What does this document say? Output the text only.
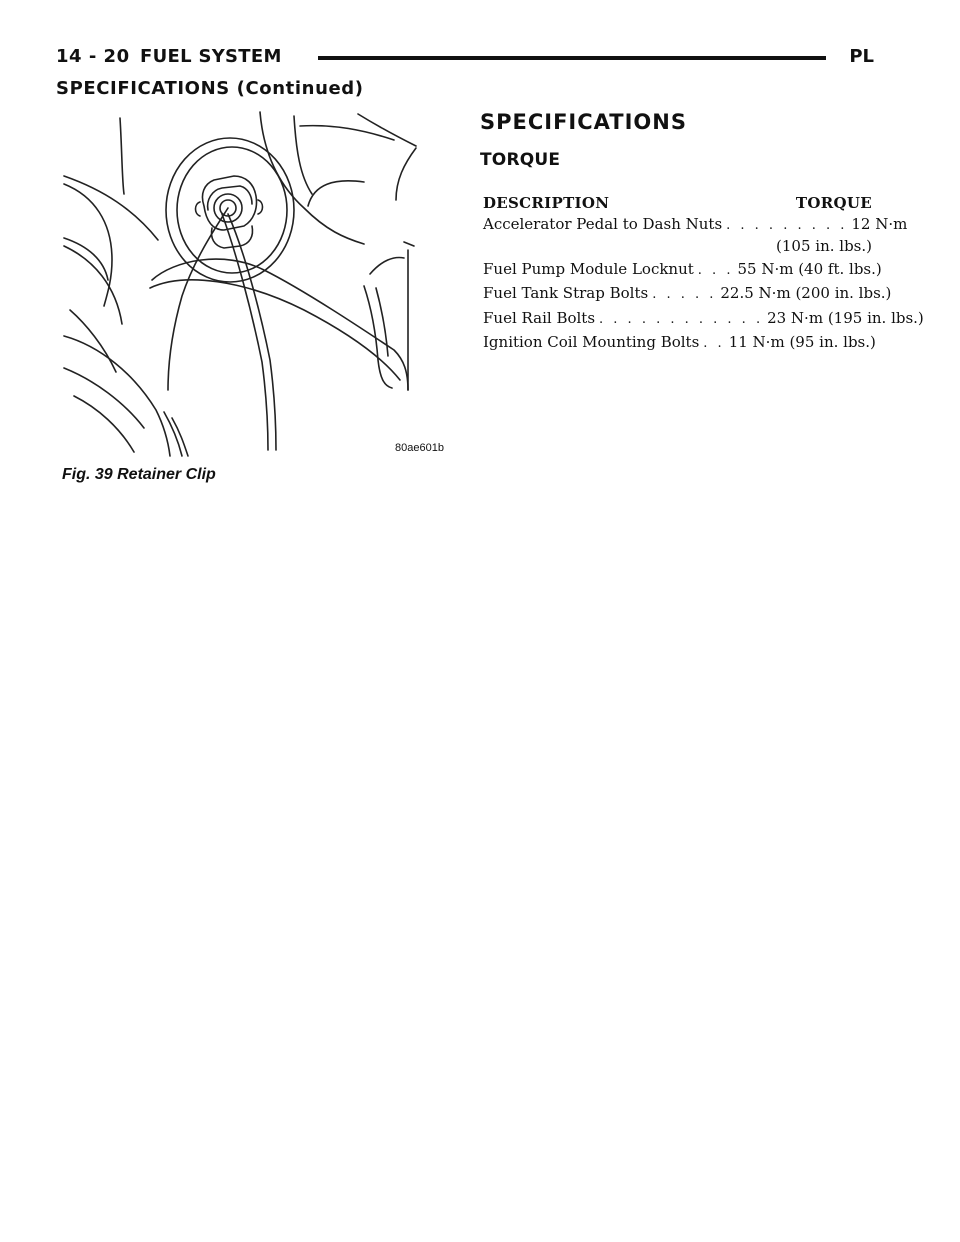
14 - 20 FUEL SYSTEM	PL
SPECIFICATIONS (Continued)
80ae601b
Fig. 39 Retainer Clip
SPECIFICATIONS
TORQUE
DESCRIPTION	TORQUE
Accelerator Pedal to Dash Nuts . . . . . . . . . 12 N·m
(105 in. lbs.)
Fuel Pump Module Locknut . . . 55 N·m (40 ft. lbs.)
Fuel Tank Strap Bolts . . . . . 22.5 N·m (200 in. lbs.)
Fuel Rail Bolts . . . . . . . . . . . . 23 N·m (195 in. lbs.)
Ignition Coil Mounting Bolts . . 11 N·m (95 in. lbs.)
